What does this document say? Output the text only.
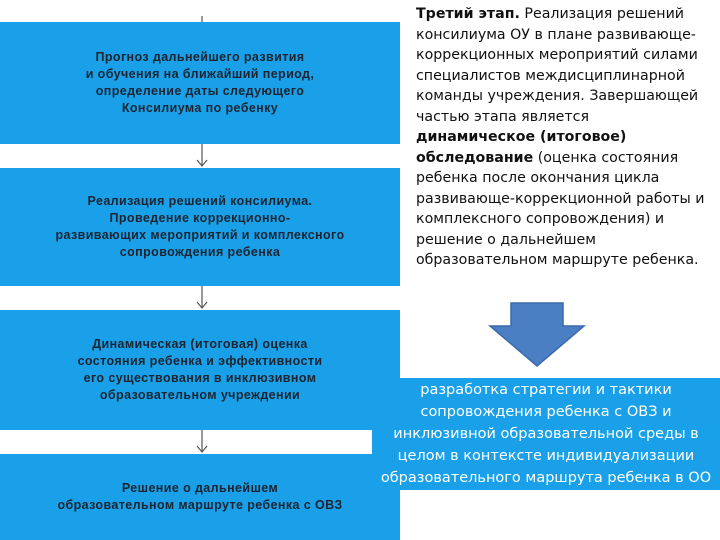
Прогноз дальнейшего развития
и обучения на ближайший период,
определение даты следующего
Консилиума по ребенку
Реализация решений консилиума.
Проведение коррекционно-
развивающих мероприятий и комплексного
сопровождения ребенка
Динамическая (итоговая) оценка
состояния ребенка и эффективности
его существования в инклюзивном
образовательном учреждении
Решение о дальнейшем
образовательном маршруте ребенка с ОВЗ
Третий этап. Реализация решений консилиума ОУ в плане развивающе-коррекционных мероприятий силами специалистов междисциплинарной команды учреждения. Завершающей частью этапа является динамическое (итоговое) обследование (оценка состояния ребенка после окончания цикла развивающе-коррекционной работы и комплексного сопровождения) и решение о дальнейшем образовательном маршруте ребенка.
разработка стратегии и тактики
сопровождения ребенка с ОВЗ и
инклюзивной образовательной среды в
целом в контексте индивидуализации
образовательного маршрута ребенка в ОО
